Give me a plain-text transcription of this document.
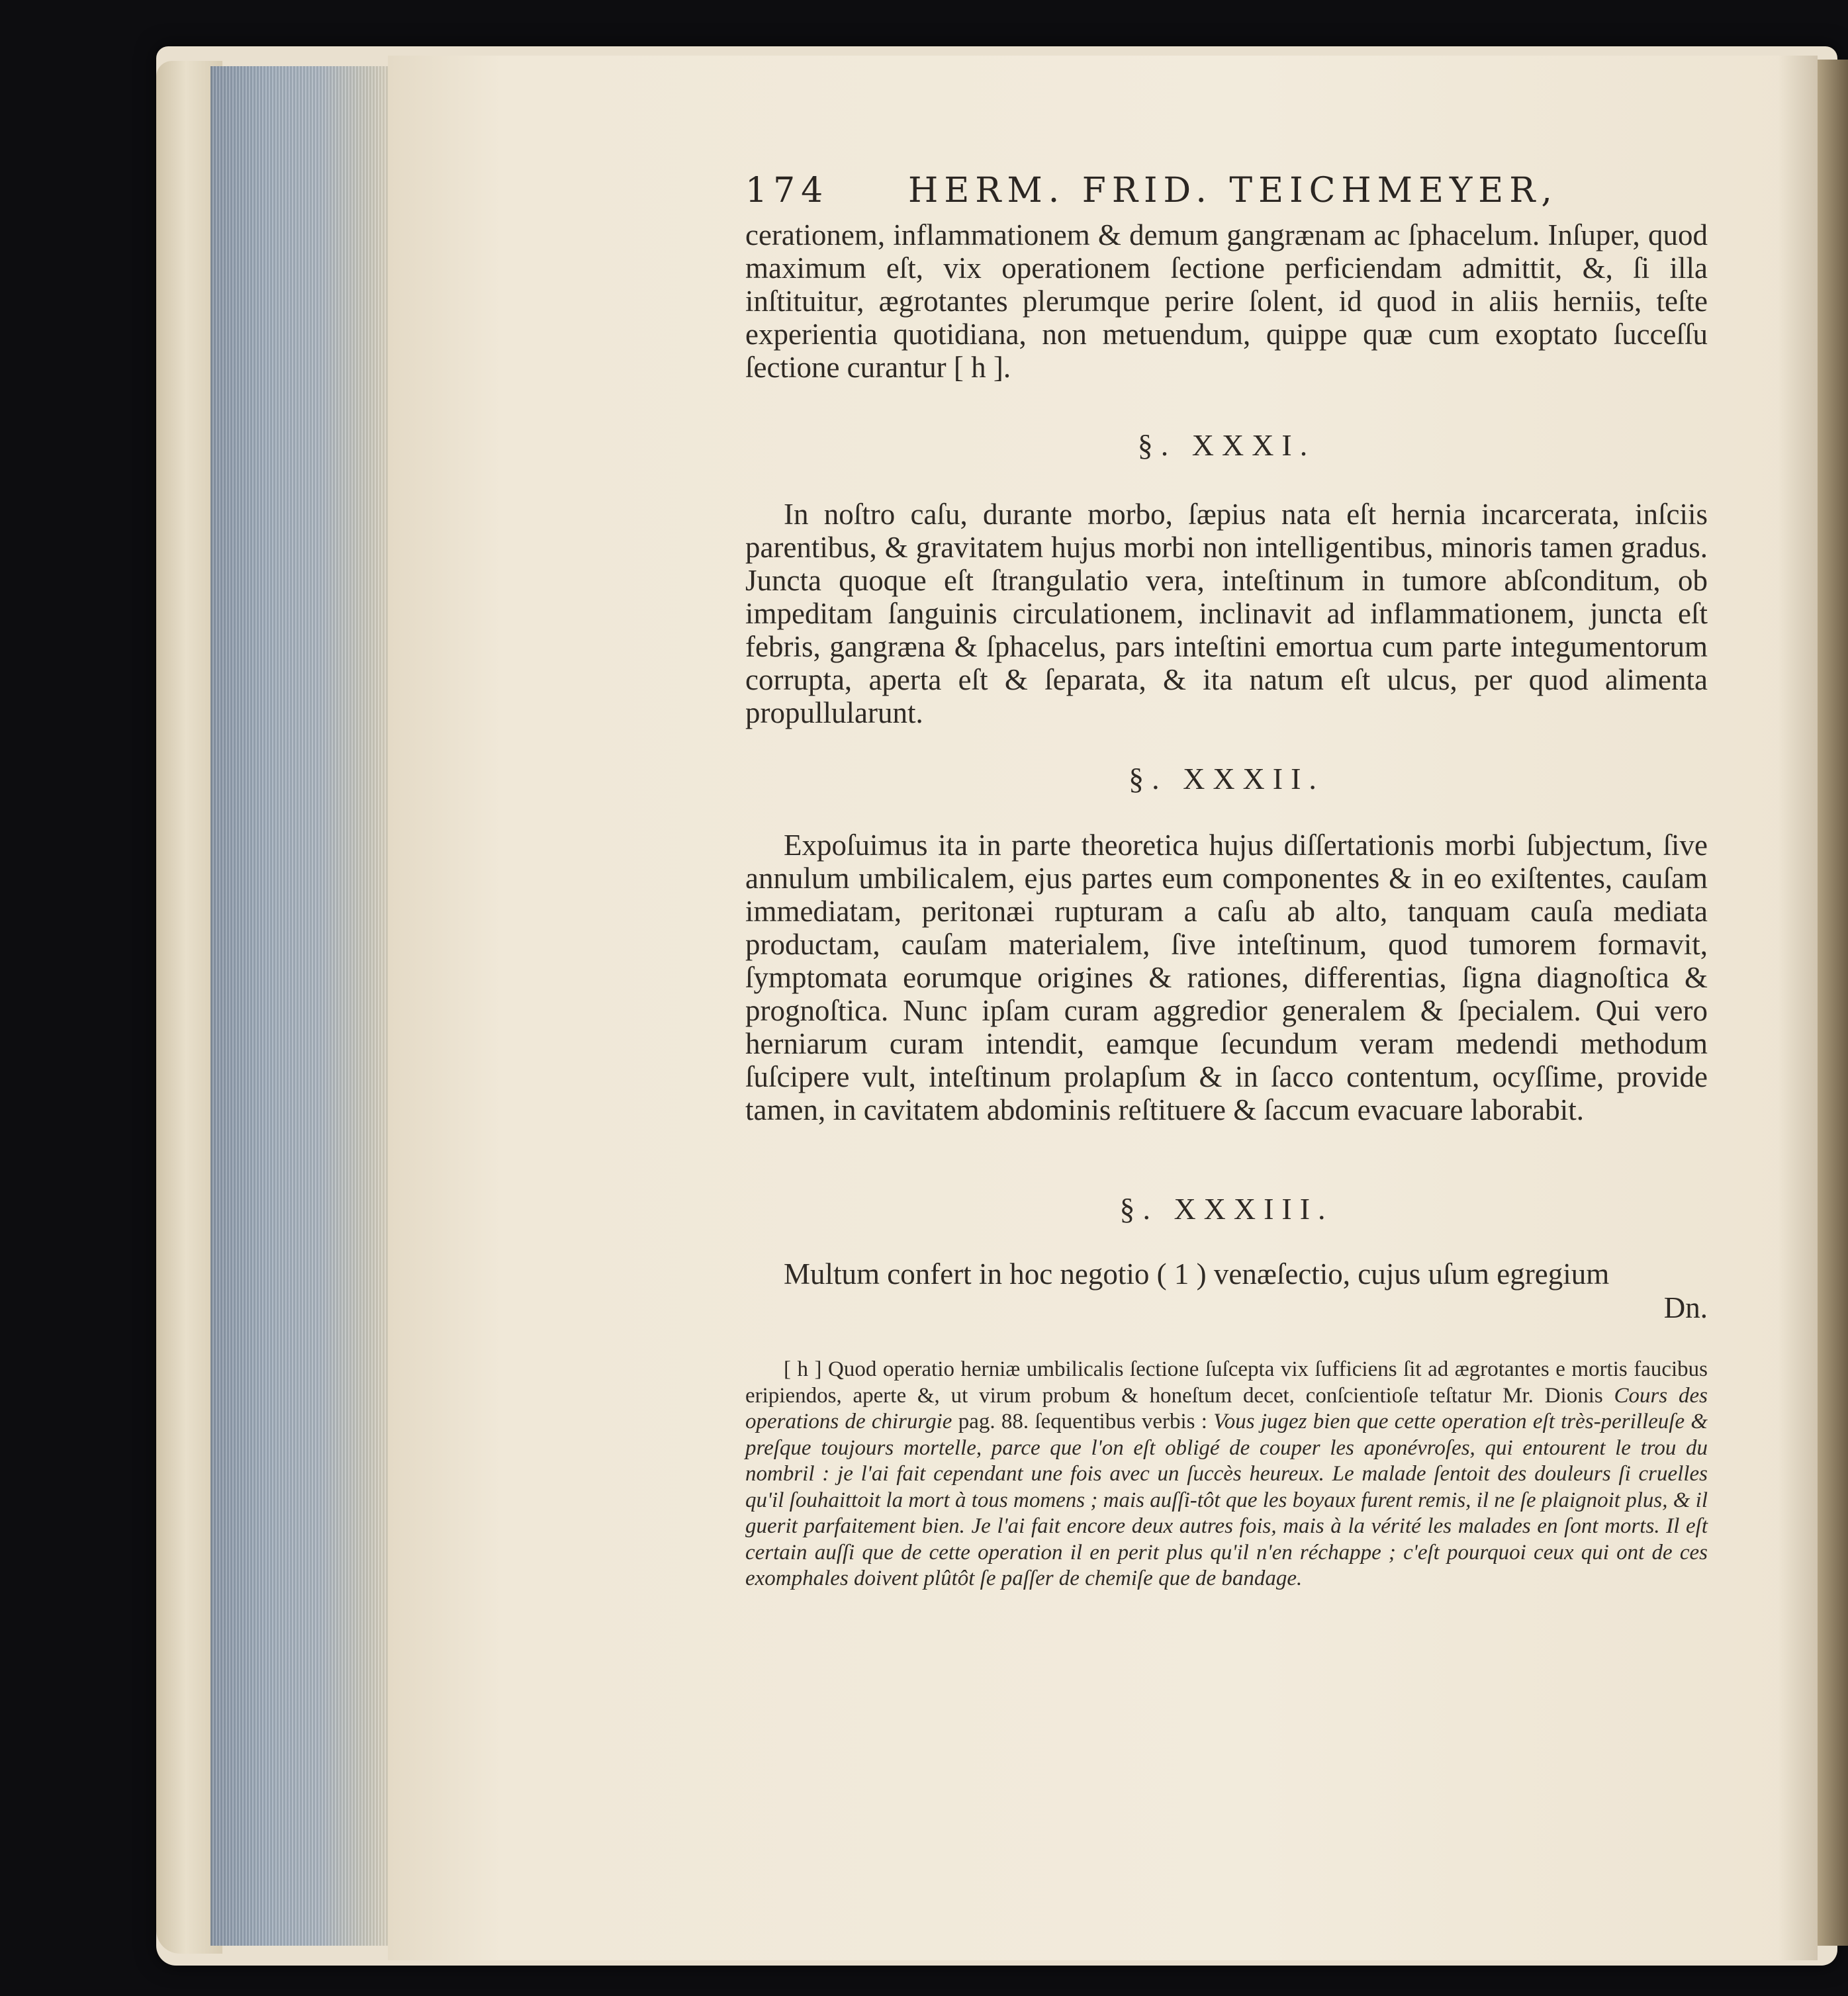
174 HERM. FRID. TEICHMEYER,

cerationem, inflammationem & demum gangrænam ac ſphacelum. Inſuper, quod maximum eſt, vix operationem ſectione perficiendam admittit, &, ſi illa inſtituitur, ægrotantes plerumque perire ſolent, id quod in aliis herniis, teſte experientia quotidiana, non metuendum, quippe quæ cum exoptato ſucceſſu ſectione curantur [ h ].

§. XXXI.

In noſtro caſu, durante morbo, ſæpius nata eſt hernia incarcerata, inſciis parentibus, & gravitatem hujus morbi non intelligentibus, minoris tamen gradus. Juncta quoque eſt ſtrangulatio vera, inteſtinum in tumore abſconditum, ob impeditam ſanguinis circulationem, inclinavit ad inflammationem, juncta eſt febris, gangræna & ſphacelus, pars inteſtini emortua cum parte integumentorum corrupta, aperta eſt & ſeparata, & ita natum eſt ulcus, per quod alimenta propullularunt.

§. XXXII.

Expoſuimus ita in parte theoretica hujus diſſertationis morbi ſubjectum, ſive annulum umbilicalem, ejus partes eum componentes & in eo exiſtentes, cauſam immediatam, peritonæi rupturam a caſu ab alto, tanquam cauſa mediata productam, cauſam materialem, ſive inteſtinum, quod tumorem formavit, ſymptomata eorumque origines & rationes, differentias, ſigna diagnoſtica & prognoſtica. Nunc ipſam curam aggredior generalem & ſpecialem. Qui vero herniarum curam intendit, eamque ſecundum veram medendi methodum ſuſcipere vult, inteſtinum prolapſum & in ſacco contentum, ocyſſime, provide tamen, in cavitatem abdominis reſtituere & ſaccum evacuare laborabit.

§. XXXIII.

Multum confert in hoc negotio ( 1 ) venæſectio, cujus uſum egregium

Dn.

[ h ] Quod operatio herniæ umbilicalis ſectione ſuſcepta vix ſufficiens ſit ad ægrotantes e mortis faucibus eripiendos, aperte &, ut virum probum & honeſtum decet, conſcientioſe teſtatur Mr. Dionis Cours des operations de chirurgie pag. 88. ſequentibus verbis : Vous jugez bien que cette operation eſt très-perilleuſe & preſque toujours mortelle, parce que l'on eſt obligé de couper les aponévroſes, qui entourent le trou du nombril : je l'ai fait cependant une fois avec un ſuccès heureux. Le malade ſentoit des douleurs ſi cruelles qu'il ſouhaittoit la mort à tous momens ; mais auſſi-tôt que les boyaux furent remis, il ne ſe plaignoit plus, & il guerit parfaitement bien. Je l'ai fait encore deux autres fois, mais à la vérité les malades en ſont morts. Il eſt certain auſſi que de cette operation il en perit plus qu'il n'en réchappe ; c'eſt pourquoi ceux qui ont de ces exomphales doivent plûtôt ſe paſſer de chemiſe que de bandage.
